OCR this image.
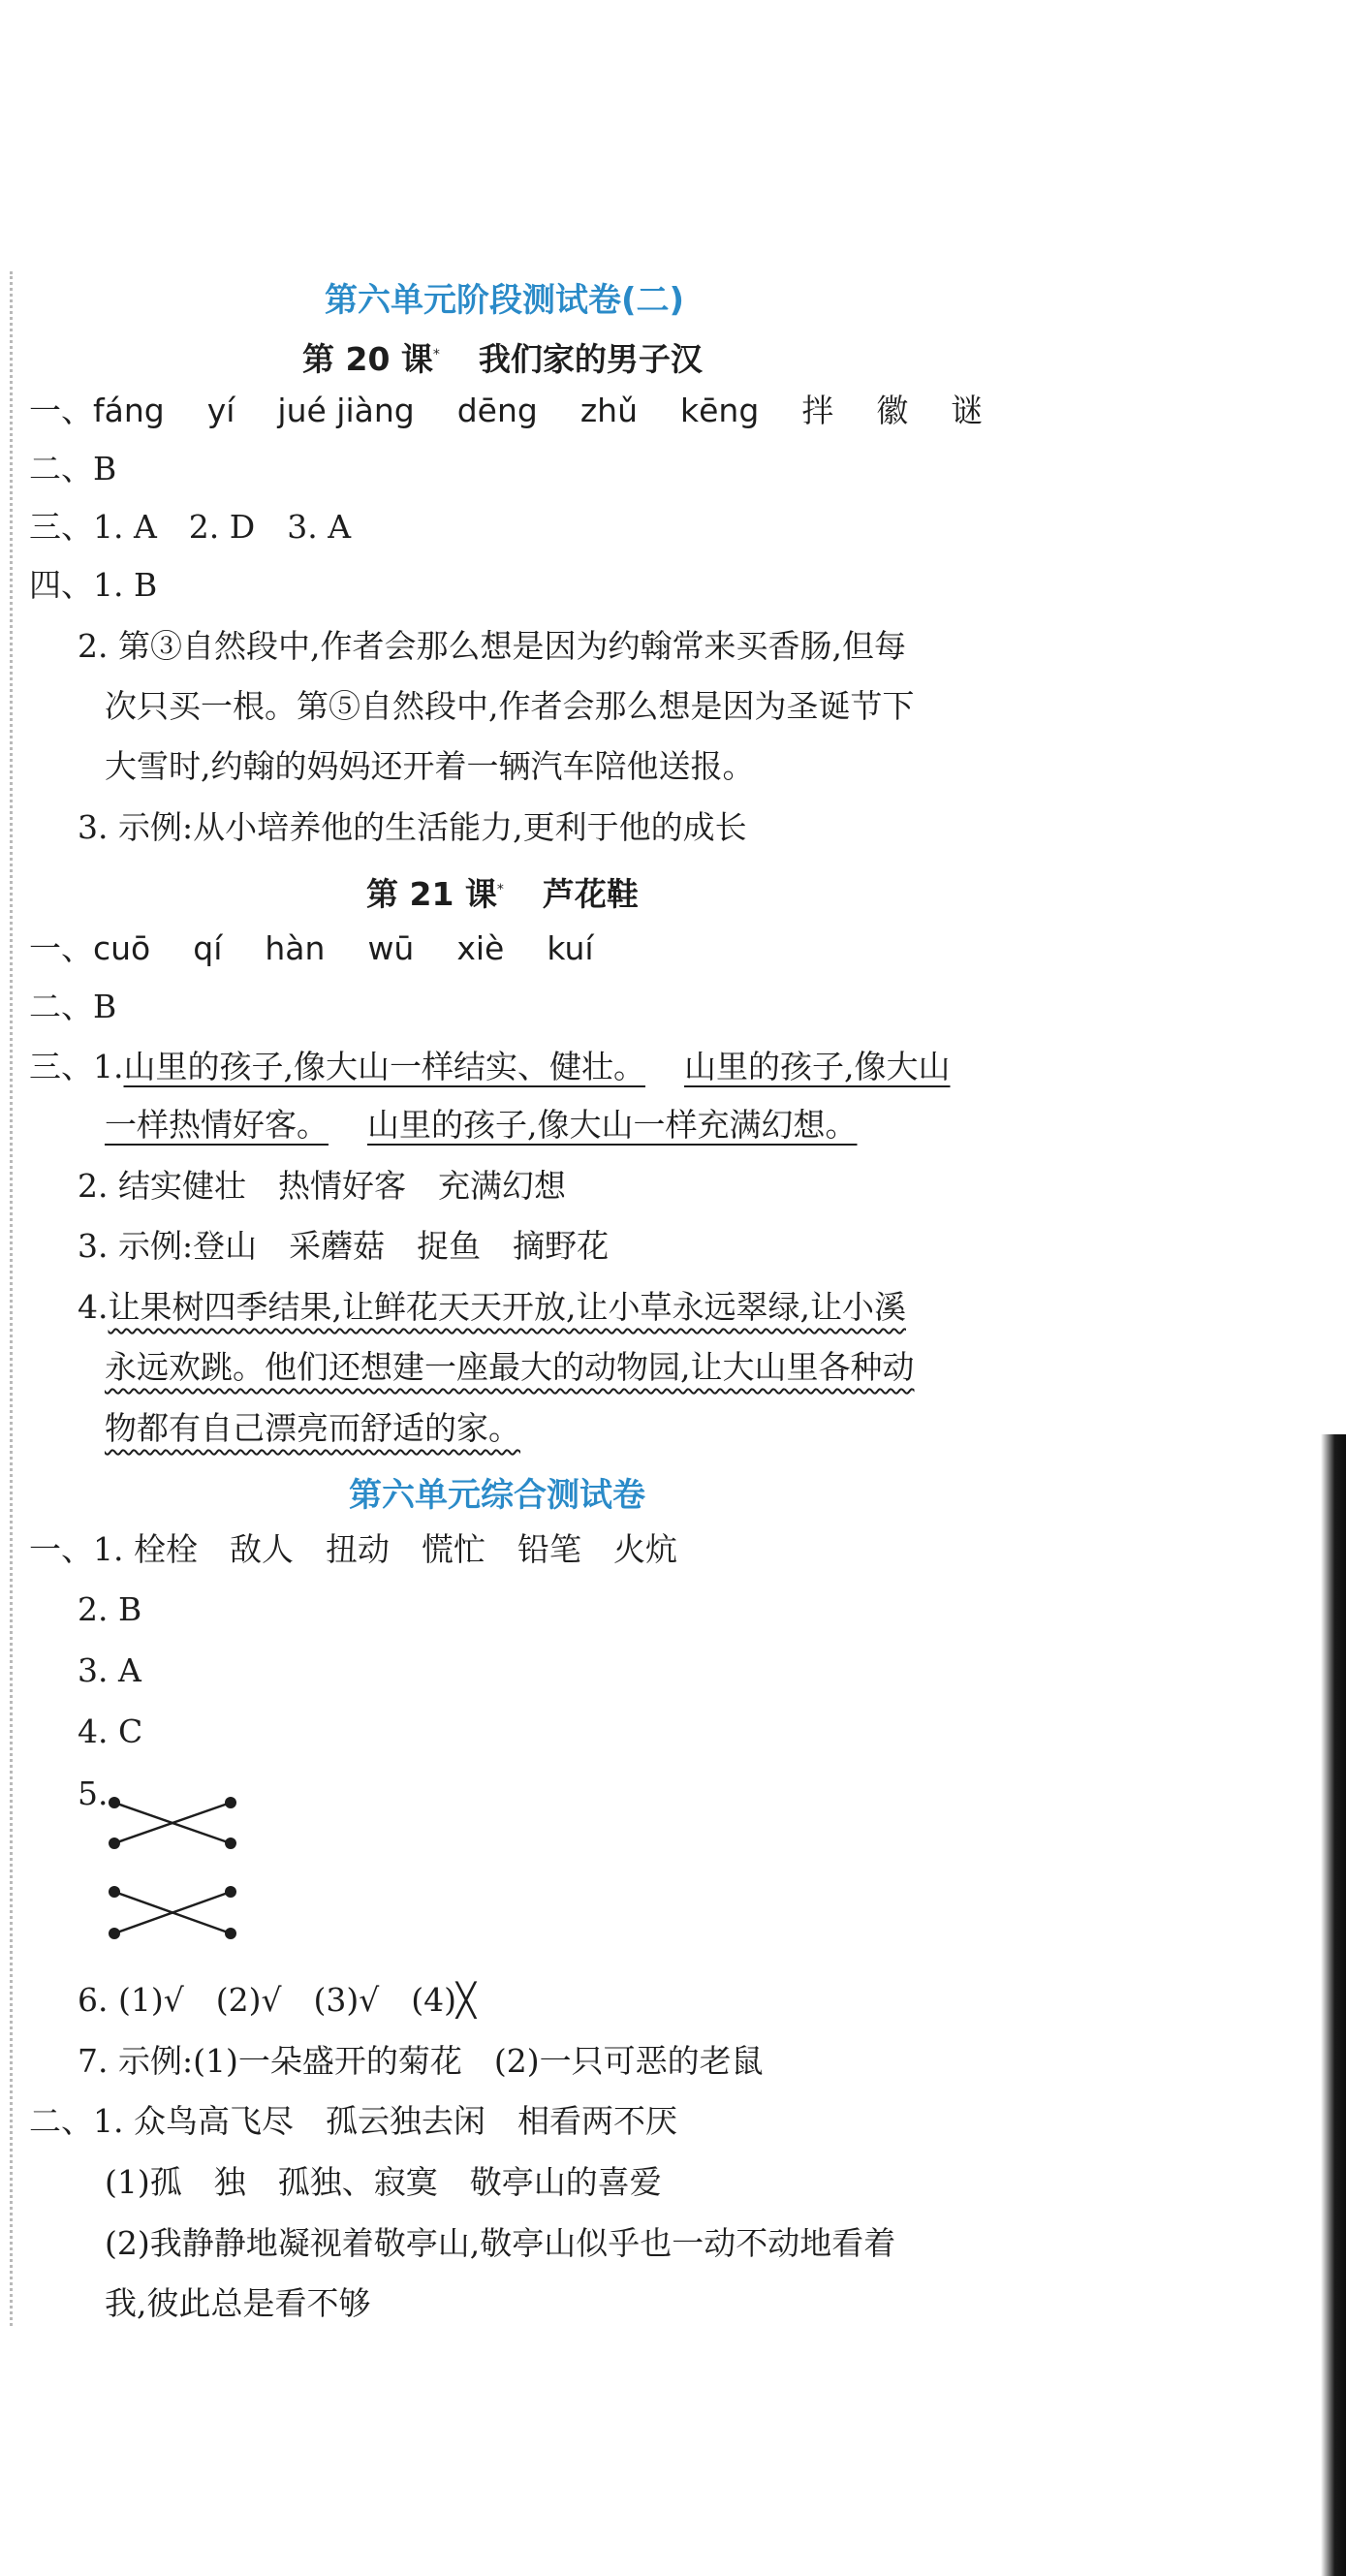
第六单元阶段测试卷(二)
第 20 课* 我们家的男子汉
一、fáng yí jué jiàng dēng zhǔ kēng 拌 徽 谜
二、B
三、1. A　2. D　3. A
四、1. B
2. 第③自然段中,作者会那么想是因为约翰常来买香肠,但每
次只买一根。第⑤自然段中,作者会那么想是因为圣诞节下
大雪时,约翰的妈妈还开着一辆汽车陪他送报。
3. 示例:从小培养他的生活能力,更利于他的成长
第 21 课* 芦花鞋
一、cuō qí hàn wū xiè kuí
二、B
三、1.山里的孩子,像大山一样结实、健壮。 山里的孩子,像大山
一样热情好客。 山里的孩子,像大山一样充满幻想。
2. 结实健壮　热情好客　充满幻想
3. 示例:登山　采蘑菇　捉鱼　摘野花
4.让果树四季结果,让鲜花天天开放,让小草永远翠绿,让小溪
永远欢跳。他们还想建一座最大的动物园,让大山里各种动
物都有自己漂亮而舒适的家。
第六单元综合测试卷
一、1. 栓栓　敌人　扭动　慌忙　铅笔　火炕
2. B
3. A
4. C
5.
6. (1)√　(2)√　(3)√　(4)╳
7. 示例:(1)一朵盛开的菊花　(2)一只可恶的老鼠
二、1. 众鸟高飞尽　孤云独去闲　相看两不厌
(1)孤　独　孤独、寂寞　敬亭山的喜爱
(2)我静静地凝视着敬亭山,敬亭山似乎也一动不动地看着
我,彼此总是看不够
